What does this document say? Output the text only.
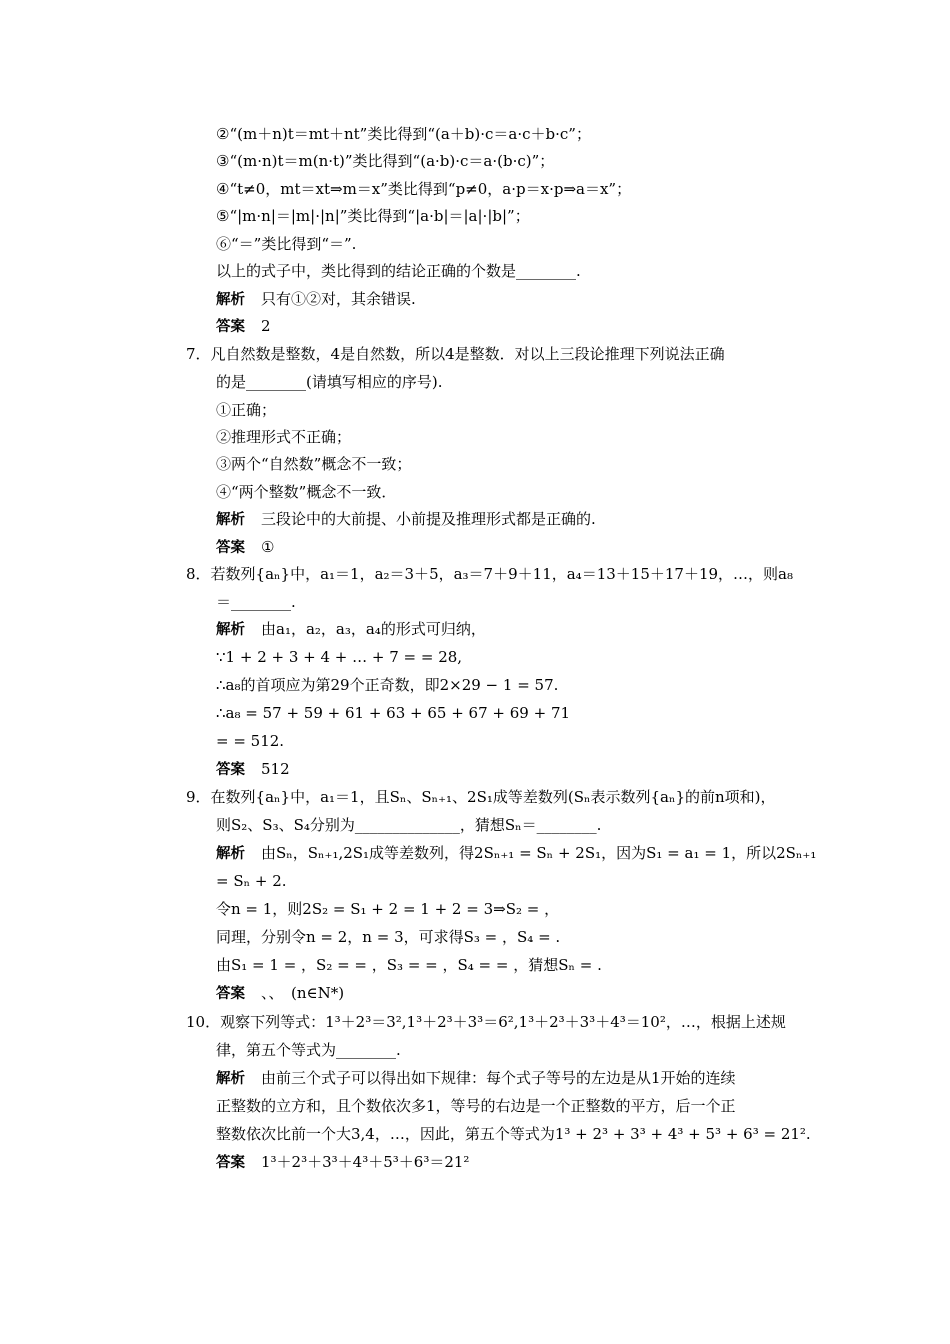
②“(m＋n)t＝mt＋nt”类比得到“(a＋b)·c＝a·c＋b·c”；
③“(m·n)t＝m(n·t)”类比得到“(a·b)·c＝a·(b·c)”；
④“t≠0，mt＝xt⇒m＝x”类比得到“p≠0，a·p＝x·p⇒a＝x”；
⑤“|m·n|＝|m|·|n|”类比得到“|a·b|＝|a|·|b|”；
⑥“＝”类比得到“＝”.
以上的式子中，类比得到的结论正确的个数是________.
解析 只有①②对，其余错误.
答案 2
7．凡自然数是整数，4是自然数，所以4是整数．对以上三段论推理下列说法正确
的是________(请填写相应的序号).
①正确；
②推理形式不正确；
③两个“自然数”概念不一致；
④“两个整数”概念不一致．
解析 三段论中的大前提、小前提及推理形式都是正确的.
答案 ①
8．若数列{aₙ}中，a₁＝1，a₂＝3＋5，a₃＝7＋9＋11，a₄＝13＋15＋17＋19，…，则a₈
＝________.
解析 由a₁，a₂，a₃，a₄的形式可归纳，
∵1 + 2 + 3 + 4 + … + 7 = = 28,
∴a₈的首项应为第29个正奇数，即2×29 − 1 = 57.
∴a₈ = 57 + 59 + 61 + 63 + 65 + 67 + 69 + 71
= = 512.
答案 512
9．在数列{aₙ}中，a₁＝1，且Sₙ、Sₙ₊₁、2S₁成等差数列(Sₙ表示数列{aₙ}的前n项和)，
则S₂、S₃、S₄分别为______________，猜想Sₙ＝________.
解析 由Sₙ，Sₙ₊₁,2S₁成等差数列，得2Sₙ₊₁ = Sₙ + 2S₁，因为S₁ = a₁ = 1，所以2Sₙ₊₁
= Sₙ + 2.
令n = 1，则2S₂ = S₁ + 2 = 1 + 2 = 3⇒S₂ = ，
同理，分别令n = 2，n = 3，可求得S₃ = ，S₄ = .
由S₁ = 1 = ，S₂ = = ，S₃ = = ，S₄ = = ，猜想Sₙ = .
答案 、、　(n∈N*)
10．观察下列等式：1³＋2³＝3²,1³＋2³＋3³＝6²,1³＋2³＋3³＋4³＝10²，…，根据上述规
律，第五个等式为________.
解析 由前三个式子可以得出如下规律：每个式子等号的左边是从1开始的连续
正整数的立方和，且个数依次多1，等号的右边是一个正整数的平方，后一个正
整数依次比前一个大3,4，…，因此，第五个等式为1³ + 2³ + 3³ + 4³ + 5³ + 6³ = 21².
答案 1³＋2³＋3³＋4³＋5³＋6³＝21²
